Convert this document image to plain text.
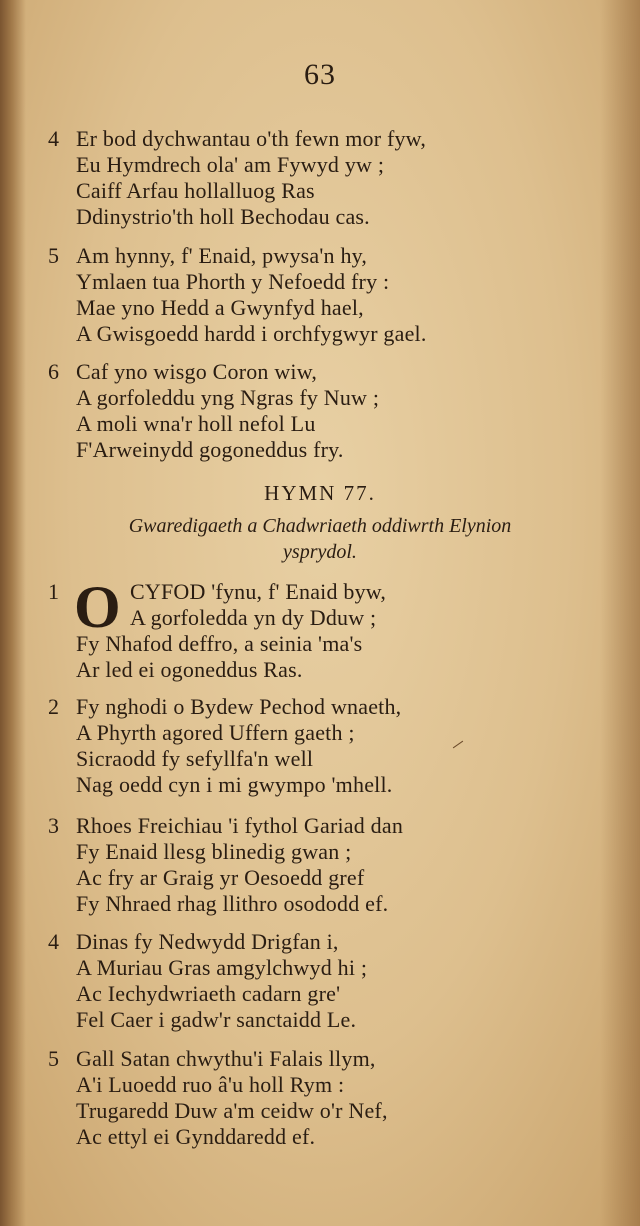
63
4 Er bod dychwantau o'th fewn mor fyw,
Eu Hymdrech ola' am Fywyd yw ;
Caiff Arfau hollalluog Ras
Ddinystrio'th holl Bechodau cas.
5 Am hynny, f' Enaid, pwysa'n hy,
Ymlaen tua Phorth y Nefoedd fry :
Mae yno Hedd a Gwynfyd hael,
A Gwisgoedd hardd i orchfygwyr gael.
6 Caf yno wisgo Coron wiw,
A gorfoleddu yng Ngras fy Nuw ;
A moli wna'r holl nefol Lu
F'Arweinydd gogoneddus fry.
HYMN 77.
Gwaredigaeth a Chadwriaeth oddiwrth Elynion
ysprydol.
1	CYFOD 'fynu, f' Enaid byw,
A gorfoledda yn dy Dduw ;
Fy Nhafod deffro, a seinia 'ma's
Ar led ei ogoneddus Ras.
O
2 Fy nghodi o Bydew Pechod wnaeth,
A Phyrth agored Uffern gaeth ;
Sicraodd fy sefyllfa'n well
Nag oedd cyn i mi gwympo 'mhell.
3 Rhoes Freichiau 'i fythol Gariad dan
Fy Enaid llesg blinedig gwan ;
Ac fry ar Graig yr Oesoedd gref
Fy Nhraed rhag llithro osododd ef.
4 Dinas fy Nedwydd Drigfan i,
A Muriau Gras amgylchwyd hi ;
Ac Iechydwriaeth cadarn gre'
Fel Caer i gadw'r sanctaidd Le.
5 Gall Satan chwythu'i Falais llym,
A'i Luoedd ruo â'u holl Rym :
Trugaredd Duw a'm ceidw o'r Nef,
Ac ettyl ei Gynddaredd ef.
